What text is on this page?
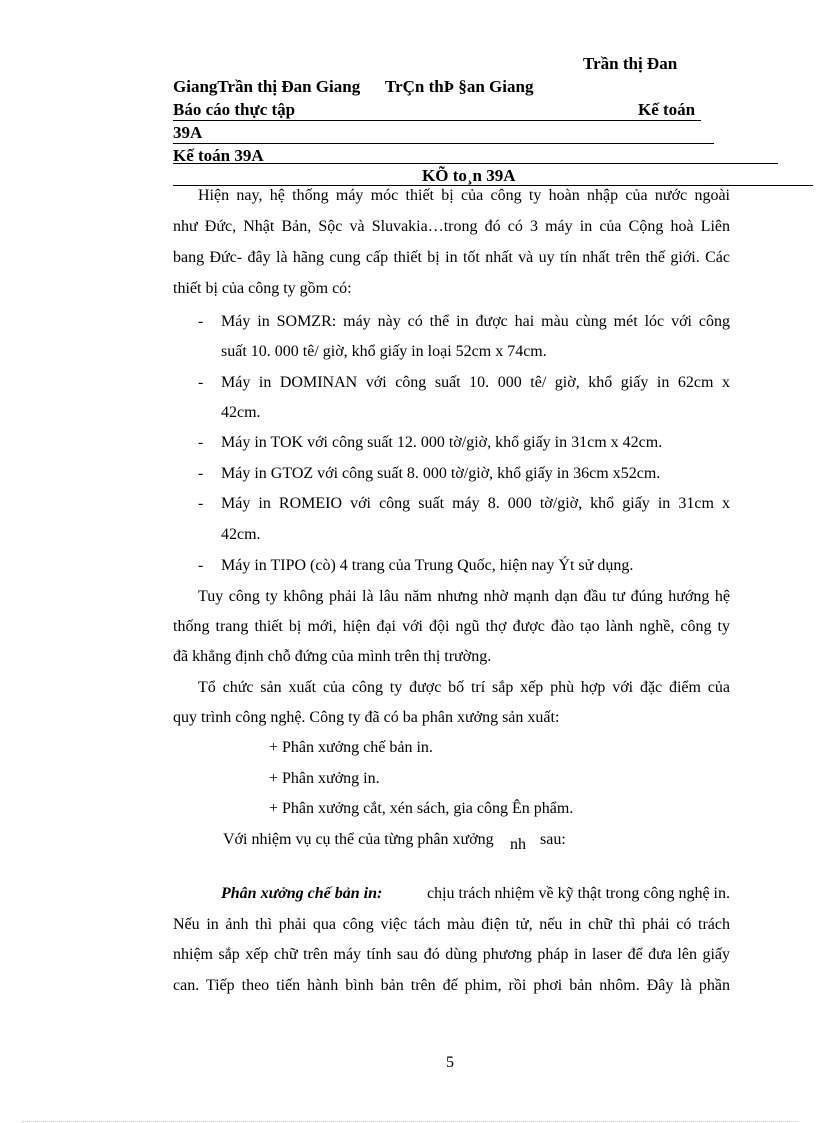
Trần thị Đan
GiangTrần thị Đan Giang TrÇn thÞ §an Giang
Báo cáo thực tập	Kế toán
39A
Kế toán 39A
KÕ to¸n 39A
Hiện nay, hệ thống máy móc thiết bị của công ty hoàn nhập của nước ngoài
như Đức, Nhật Bản, Sộc và Sluvakia…trong đó có 3 máy in của Cộng hoà Liên
bang Đức- đây là hãng cung cấp thiết bị in tốt nhất và uy tín nhất trên thế giới. Các
thiết bị của công ty gồm có:
- Máy in SOMZR: máy này có thể in được hai màu cùng mét lóc với công
suất 10. 000 tê/ giờ, khổ giấy in loại 52cm x 74cm.
- Máy in DOMINAN với công suất 10. 000 tê/ giờ, khổ giấy in 62cm x
42cm.
- Máy in TOK với công suất 12. 000 tờ/giờ, khổ giấy in 31cm x 42cm.
- Máy in GTOZ với công suất 8. 000 tờ/giờ, khổ giấy in 36cm x52cm.
- Máy in ROMEIO với công suất máy 8. 000 tờ/giờ, khổ giấy in 31cm x
42cm.
- Máy in TIPO (cò) 4 trang của Trung Quốc, hiện nay Ýt sử dụng.
Tuy công ty không phải là lâu năm nhưng nhờ mạnh dạn đầu tư đúng hướng hệ
thống trang thiết bị mới, hiện đại với đội ngũ thợ được đào tạo lành nghề, công ty
đã khẳng định chỗ đứng của mình trên thị trường.
Tổ chức sản xuất của công ty được bố trí sắp xếp phù hợp với đặc điểm của
quy trình công nghệ. Công ty đã có ba phân xưởng sản xuất:
+ Phân xưởng chế bản in.
+ Phân xưởng in.
+ Phân xưởng cắt, xén sách, gia công Ên phẩm.
Với nhiệm vụ cụ thể của từng phân xưởng nh sau:
Phân xưởng chế bản in:	chịu trách nhiệm về kỹ thật trong công nghệ in.
Nếu in ảnh thì phải qua công việc tách màu điện tử, nếu in chữ thì phải có trách
nhiệm sắp xếp chữ trên máy tính sau đó dùng phương pháp in laser để đưa lên giấy
can. Tiếp theo tiến hành bình bản trên đế phim, rồi phơi bản nhôm. Đây là phần
5
